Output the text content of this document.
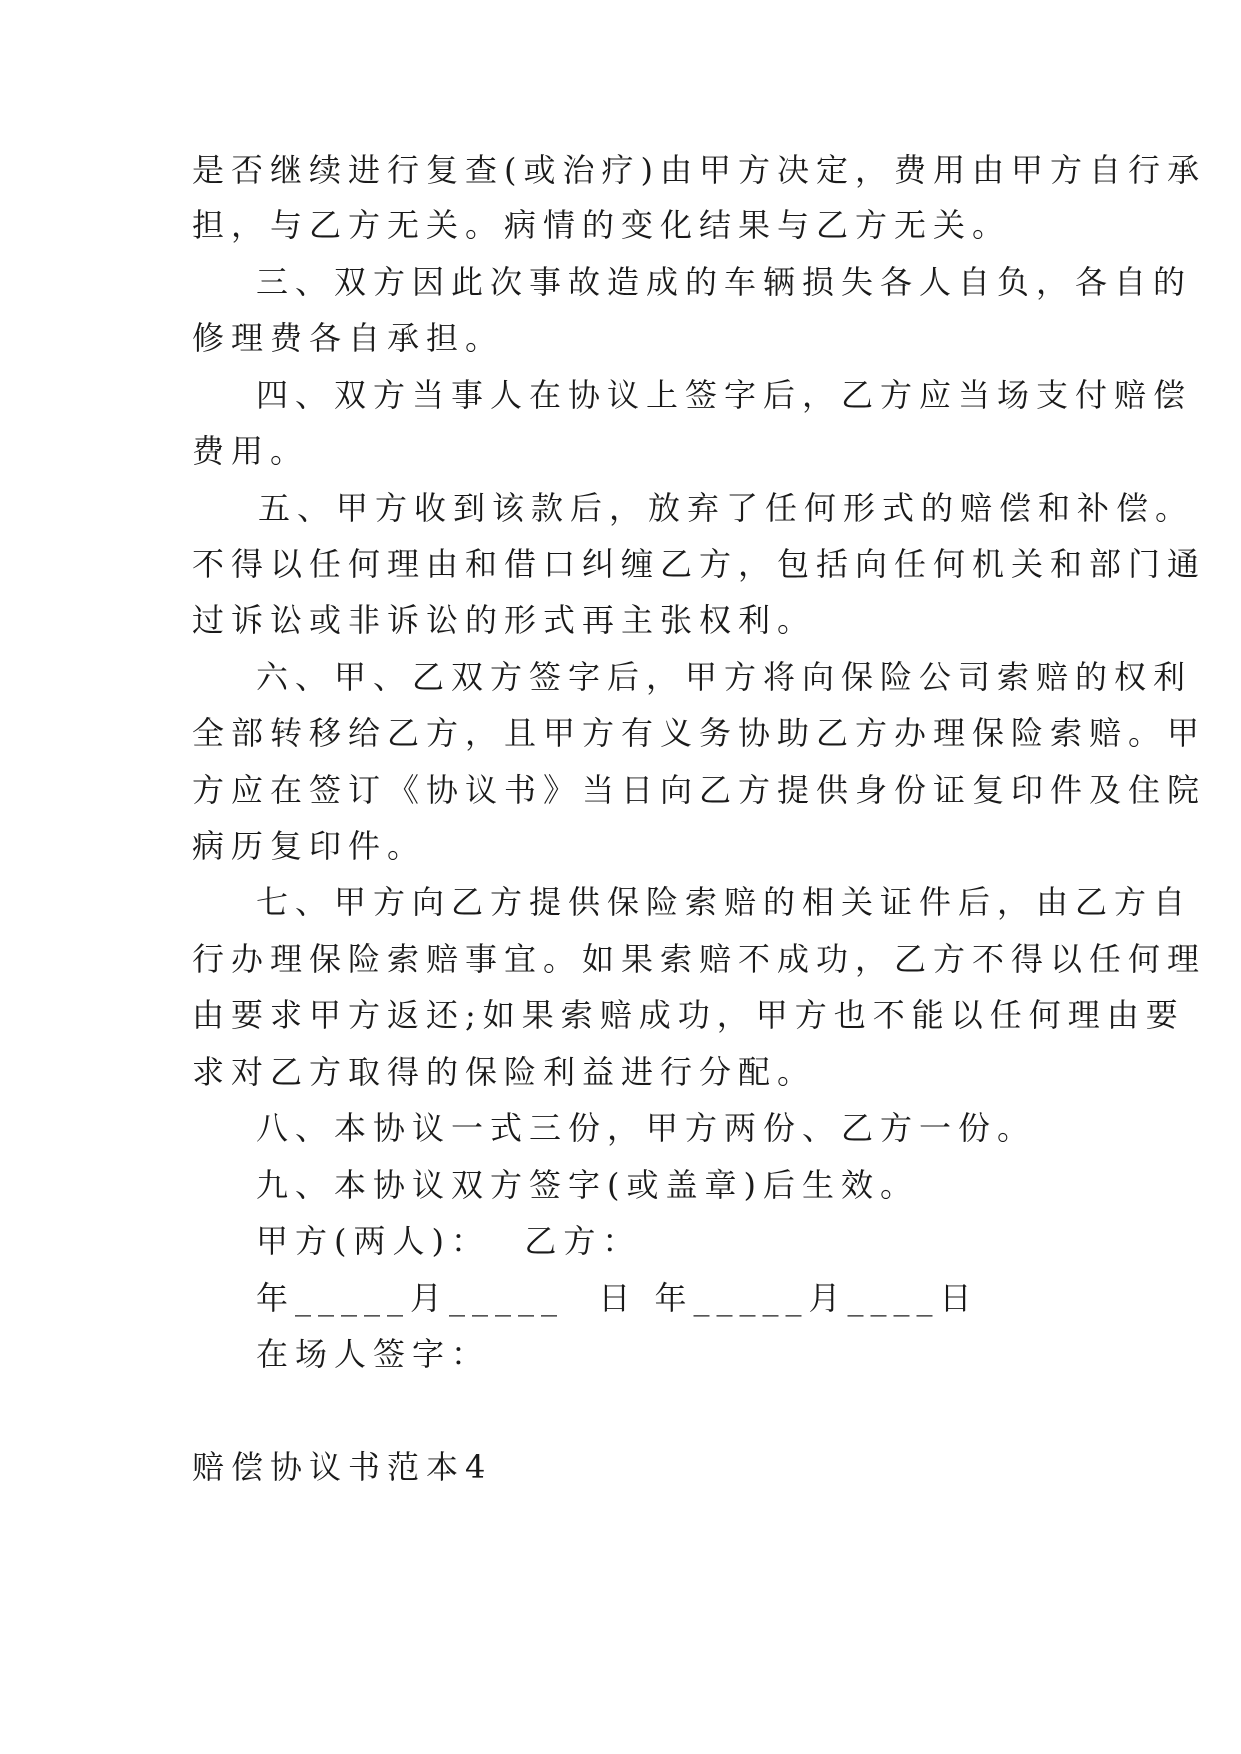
是否继续进行复查(或治疗)由甲方决定，费用由甲方自行承
担，与乙方无关。病情的变化结果与乙方无关。
三、双方因此次事故造成的车辆损失各人自负，各自的
修理费各自承担。
四、双方当事人在协议上签字后，乙方应当场支付赔偿
费用。
五、甲方收到该款后，放弃了任何形式的赔偿和补偿。
不得以任何理由和借口纠缠乙方，包括向任何机关和部门通
过诉讼或非诉讼的形式再主张权利。
六、甲、乙双方签字后，甲方将向保险公司索赔的权利
全部转移给乙方，且甲方有义务协助乙方办理保险索赔。甲
方应在签订《协议书》当日向乙方提供身份证复印件及住院
病历复印件。
七、甲方向乙方提供保险索赔的相关证件后，由乙方自
行办理保险索赔事宜。如果索赔不成功，乙方不得以任何理
由要求甲方返还;如果索赔成功，甲方也不能以任何理由要
求对乙方取得的保险利益进行分配。
八、本协议一式三份，甲方两份、乙方一份。
九、本协议双方签字(或盖章)后生效。
甲方(两人)：  乙方：
年_____月_____  日 年_____月____日
在场人签字：
赔偿协议书范本4
